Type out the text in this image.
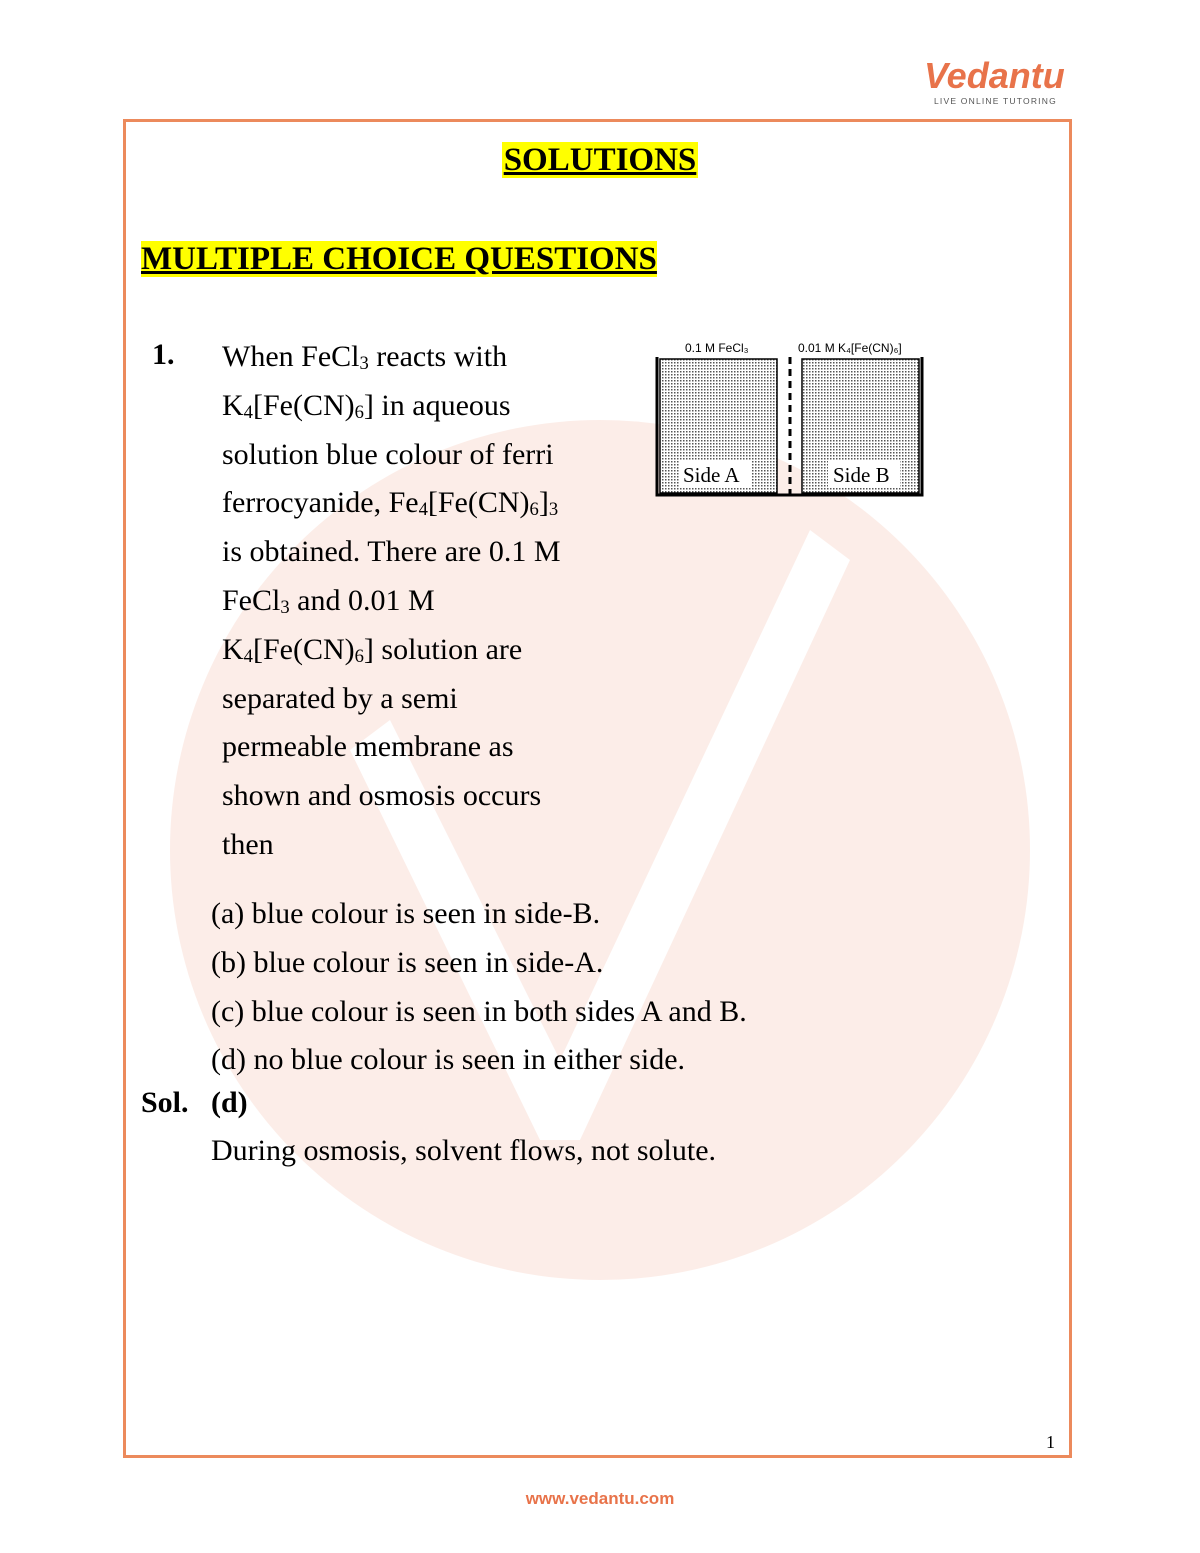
Vedantu
LIVE ONLINE TUTORING
SOLUTIONS
MULTIPLE CHOICE QUESTIONS
1. When FeCl$_3$ reacts with
$K_4[Fe(CN)_6]$ in aqueous
solution blue colour of ferri
ferrocyanide, $Fe_4[Fe(CN)_6]_3$
is obtained. There are 0.1 M
FeCl$_3$ and 0.01 M
$K_4[Fe(CN)_6]$ solution are
separated by a semi
permeable membrane as
shown and osmosis occurs
then
0.1 M FeCl₃	0.01 M K₄[Fe(CN)₆]
Side A	Side B
(a) blue colour is seen in side-B.
(b) blue colour is seen in side-A.
(c) blue colour is seen in both sides A and B.
(d) no blue colour is seen in either side.
Sol. (d)
During osmosis, solvent flows, not solute.
1
www.vedantu.com
